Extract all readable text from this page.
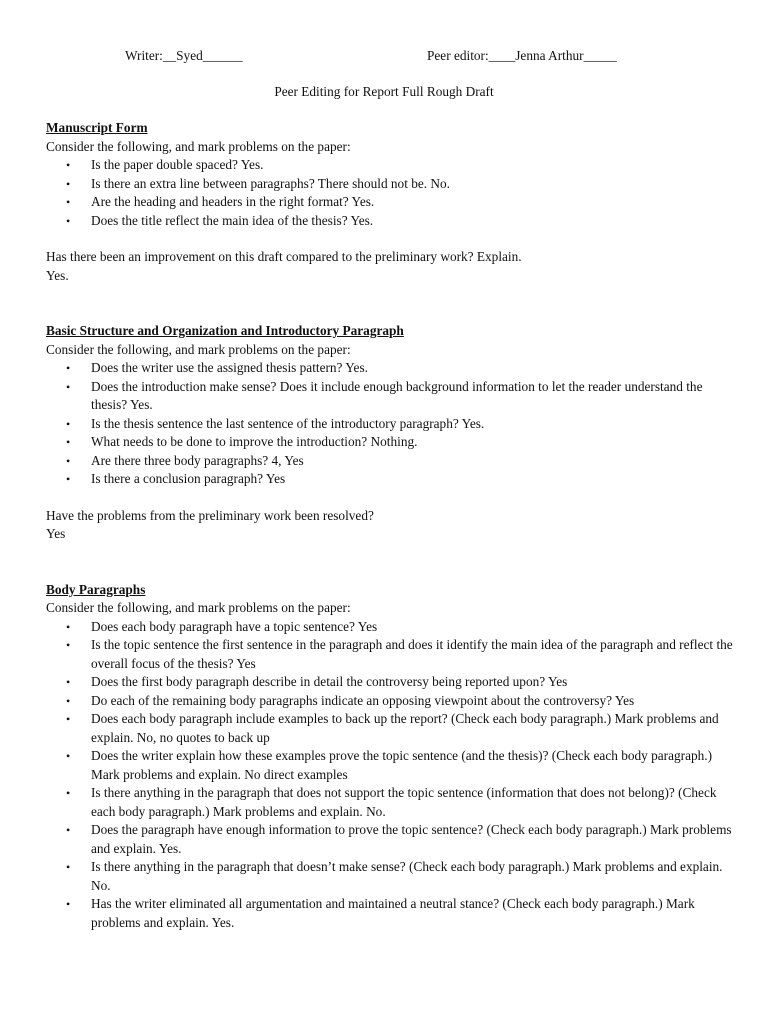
Writer:__Syed______	Peer editor:____Jenna Arthur_____
Peer Editing for Report Full Rough Draft

Manuscript Form

Consider the following, and mark problems on the paper:

• Is the paper double spaced? Yes.
• Is there an extra line between paragraphs? There should not be. No.
• Are the heading and headers in the right format? Yes.
• Does the title reflect the main idea of the thesis? Yes.

Has there been an improvement on this draft compared to the preliminary work? Explain.

Yes.

Basic Structure and Organization and Introductory Paragraph

Consider the following, and mark problems on the paper:

• Does the writer use the assigned thesis pattern? Yes.
• Does the introduction make sense? Does it include enough background information to let the reader understand the thesis? Yes.
• Is the thesis sentence the last sentence of the introductory paragraph? Yes.
• What needs to be done to improve the introduction? Nothing.
• Are there three body paragraphs? 4, Yes
• Is there a conclusion paragraph? Yes

Have the problems from the preliminary work been resolved?

Yes

Body Paragraphs

Consider the following, and mark problems on the paper:

• Does each body paragraph have a topic sentence? Yes
• Is the topic sentence the first sentence in the paragraph and does it identify the main idea of the paragraph and reflect the overall focus of the thesis? Yes
• Does the first body paragraph describe in detail the controversy being reported upon? Yes
• Do each of the remaining body paragraphs indicate an opposing viewpoint about the controversy? Yes
• Does each body paragraph include examples to back up the report? (Check each body paragraph.) Mark problems and explain. No, no quotes to back up
• Does the writer explain how these examples prove the topic sentence (and the thesis)? (Check each body paragraph.) Mark problems and explain. No direct examples
• Is there anything in the paragraph that does not support the topic sentence (information that does not belong)? (Check each body paragraph.) Mark problems and explain. No.
• Does the paragraph have enough information to prove the topic sentence? (Check each body paragraph.) Mark problems and explain. Yes.
• Is there anything in the paragraph that doesn’t make sense? (Check each body paragraph.) Mark problems and explain. No.
• Has the writer eliminated all argumentation and maintained a neutral stance? (Check each body paragraph.) Mark problems and explain. Yes.
